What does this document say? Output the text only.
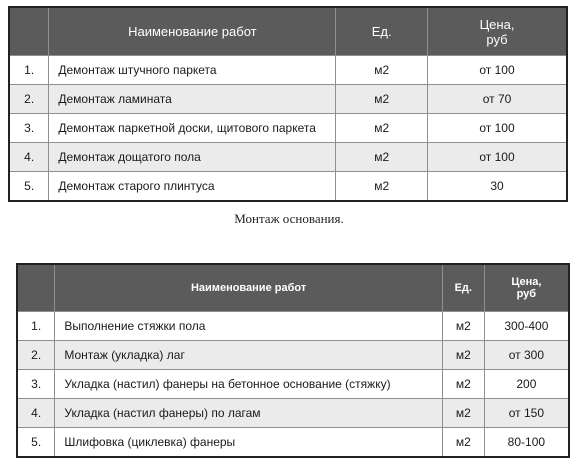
	Наименование работ	Ед.	Цена,
руб

1.	Демонтаж штучного паркета	м2	от 100
2.	Демонтаж ламината	м2	от 70
3.	Демонтаж паркетной доски, щитового паркета	м2	от 100
4.	Демонтаж дощатого пола	м2	от 100
5.	Демонтаж старого плинтуса	м2	30
Монтаж основания.
	Наименование работ	Ед.	Цена,
руб

1.	Выполнение стяжки пола	м2	300-400
2.	Монтаж (укладка) лаг	м2	от 300
3.	Укладка (настил) фанеры на бетонное основание (стяжку)	м2	200
4.	Укладка (настил фанеры) по лагам	м2	от 150
5.	Шлифовка (циклевка) фанеры	м2	80-100
